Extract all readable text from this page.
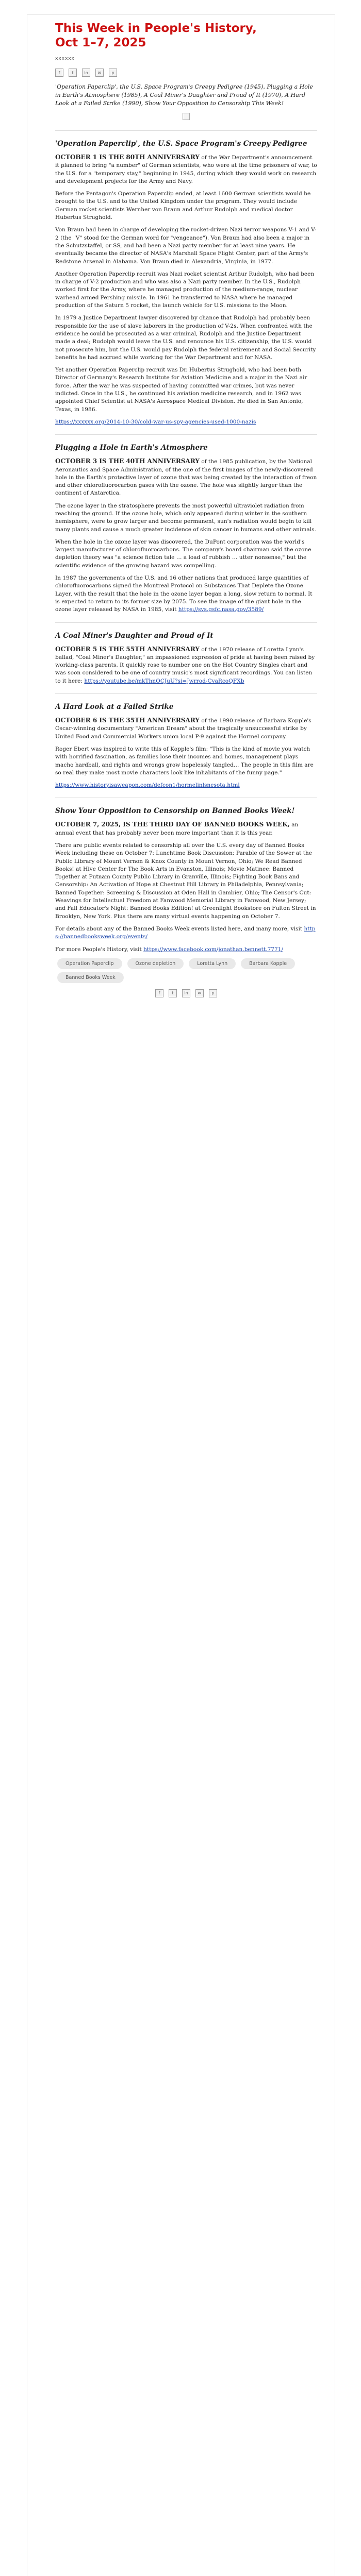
This Week in People's History,
Oct 1–7, 2025
xxxxxx
f	t	in	✉	p

'Operation Paperclip', the U.S. Space Program's Creepy Pedigree (1945), Plugging a Hole in Earth's Atmosphere (1985), A Coal Miner's Daughter and Proud of It (1970), A Hard Look at a Failed Strike (1990), Show Your Opposition to Censorship This Week!

'Operation Paperclip', the U.S. Space Program's Creepy Pedigree

OCTOBER 1 IS THE 80TH ANNIVERSARY of the War Department's announcement it planned to bring "a number" of German scientists, who were at the time prisoners of war, to the U.S. for a "temporary stay," beginning in 1945, during which they would work on research and development projects for the Army and Navy.

Before the Pentagon's Operation Paperclip ended, at least 1600 German scientists would be brought to the U.S. and to the United Kingdom under the program. They would include German rocket scientists Wernher von Braun and Arthur Rudolph and medical doctor Hubertus Strughold.

Von Braun had been in charge of developing the rocket-driven Nazi terror weapons V-1 and V-2 (the "V" stood for the German word for "vengeance"). Von Braun had also been a major in the Schutzstaffel, or SS, and had been a Nazi party member for at least nine years. He eventually became the director of NASA's Marshall Space Flight Center, part of the Army's Redstone Arsenal in Alabama. Von Braun died in Alexandria, Virginia, in 1977.

Another Operation Paperclip recruit was Nazi rocket scientist Arthur Rudolph, who had been in charge of V-2 production and who was also a Nazi party member. In the U.S., Rudolph worked first for the Army, where he managed production of the medium-range, nuclear warhead armed Pershing missile. In 1961 he transferred to NASA where he managed production of the Saturn 5 rocket, the launch vehicle for U.S. missions to the Moon.

In 1979 a Justice Department lawyer discovered by chance that Rudolph had probably been responsible for the use of slave laborers in the production of V-2s. When confronted with the evidence he could be prosecuted as a war criminal, Rudolph and the Justice Department made a deal; Rudolph would leave the U.S. and renounce his U.S. citizenship, the U.S. would not prosecute him, but the U.S. would pay Rudolph the federal retirement and Social Security benefits he had accrued while working for the War Department and for NASA.

Yet another Operation Paperclip recruit was Dr. Hubertus Strughold, who had been both Director of Germany's Research Institute for Aviation Medicine and a major in the Nazi air force. After the war he was suspected of having committed war crimes, but was never indicted. Once in the U.S., he continued his aviation medicine research, and in 1962 was appointed Chief Scientist at NASA's Aerospace Medical Division. He died in San Antonio, Texas, in 1986.

https://xxxxxx.org/2014-10-30/cold-war-us-spy-agencies-used-1000-nazis

Plugging a Hole in Earth's Atmosphere

OCTOBER 3 IS THE 40TH ANNIVERSARY of the 1985 publication, by the National Aeronautics and Space Administration, of the one of the first images of the newly-discovered hole in the Earth's protective layer of ozone that was being created by the interaction of freon and other chlorofluorocarbon gases with the ozone. The hole was slightly larger than the continent of Antarctica.

The ozone layer in the stratosphere prevents the most powerful ultraviolet radiation from reaching the ground. If the ozone hole, which only appeared during winter in the southern hemisphere, were to grow larger and become permanent, sun's radiation would begin to kill many plants and cause a much greater incidence of skin cancer in humans and other animals.

When the hole in the ozone layer was discovered, the DuPont corporation was the world's largest manufacturer of chlorofluorocarbons. The company's board chairman said the ozone depletion theory was "a science fiction tale … a load of rubbish … utter nonsense," but the scientific evidence of the growing hazard was compelling.

In 1987 the governments of the U.S. and 16 other nations that produced large quantities of chlorofluorocarbons signed the Montreal Protocol on Substances That Deplete the Ozone Layer, with the result that the hole in the ozone layer began a long, slow return to normal. It is expected to return to its former size by 2075. To see the image of the giant hole in the ozone layer released by NASA in 1985, visit https://svs.gsfc.nasa.gov/3589/

A Coal Miner's Daughter and Proud of It

OCTOBER 5 IS THE 55TH ANNIVERSARY of the 1970 release of Loretta Lynn's ballad, "Coal Miner's Daughter," an impassioned expression of pride at having been raised by working-class parents. It quickly rose to number one on the Hot Country Singles chart and was soon considered to be one of country music's most significant recordings. You can listen to it here: https://youtube.be/mkThnOCJuU?si=Jwrrod-CvaRcoQFXb

A Hard Look at a Failed Strike

OCTOBER 6 IS THE 35TH ANNIVERSARY of the 1990 release of Barbara Kopple's Oscar-winning documentary "American Dream" about the tragically unsuccessful strike by United Food and Commercial Workers union local P-9 against the Hormel company.

Roger Ebert was inspired to write this of Kopple's film: "This is the kind of movie you watch with horrified fascination, as families lose their incomes and homes, management plays macho hardball, and rights and wrongs grow hopelessly tangled… The people in this film are so real they make most movie characters look like inhabitants of the funny page."

https://www.historyisaweapon.com/defcon1/hormelinlsnesota.html

Show Your Opposition to Censorship on Banned Books Week!

OCTOBER 7, 2025, IS THE THIRD DAY OF BANNED BOOKS WEEK, an annual event that has probably never been more important than it is this year.

There are public events related to censorship all over the U.S. every day of Banned Books Week including these on October 7: Lunchtime Book Discussion: Parable of the Sower at the Public Library of Mount Vernon & Knox County in Mount Vernon, Ohio; We Read Banned Books! at Hive Center for The Book Arts in Evanston, Illinois; Movie Matinee: Banned Together at Putnam County Public Library in Granville, Illinois; Fighting Book Bans and Censorship: An Activation of Hope at Chestnut Hill Library in Philadelphia, Pennsylvania; Banned Together: Screening & Discussion at Oden Hall in Gambier, Ohio; The Censor's Cut: Weavings for Intellectual Freedom at Fanwood Memorial Library in Fanwood, New Jersey; and Fall Educator's Night: Banned Books Edition! at Greenlight Bookstore on Fulton Street in Brooklyn, New York. Plus there are many virtual events happening on October 7.

For details about any of the Banned Books Week events listed here, and many more, visit https://bannedbooksweek.org/events/

For more People's History, visit https://www.facebook.com/jonathan.bennett.7771/

Operation Paperclip	Ozone depletion	Loretta Lynn	Barbara Kopple
Banned Books Week
f	t	in	✉	p
